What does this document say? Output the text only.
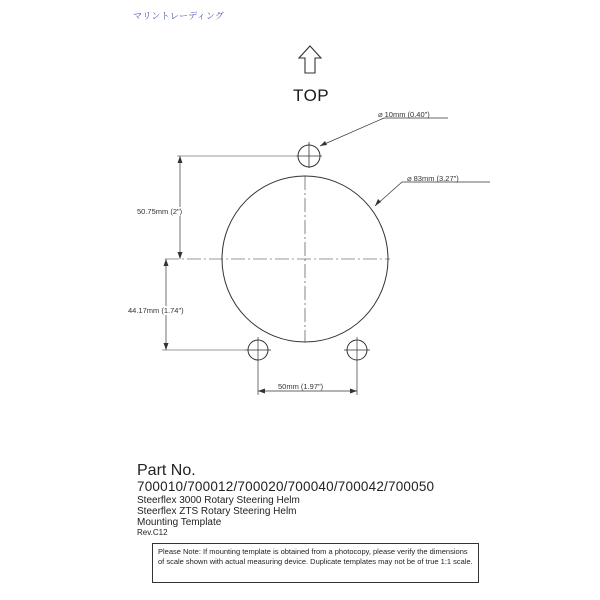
マリントレーディング
TOP
⌀ 10mm (0.40")
⌀ 83mm (3.27")
50.75mm (2")
44.17mm (1.74")
50mm (1.97")
Part No.
700010/700012/700020/700040/700042/700050
Steerflex 3000 Rotary Steering Helm
Steerflex ZTS Rotary Steering Helm
Mounting Template
Rev.C12
Please Note: If mounting template is obtained from a photocopy, please verify the dimensions of scale shown with actual measuring device. Duplicate templates may not be of true 1:1 scale.
